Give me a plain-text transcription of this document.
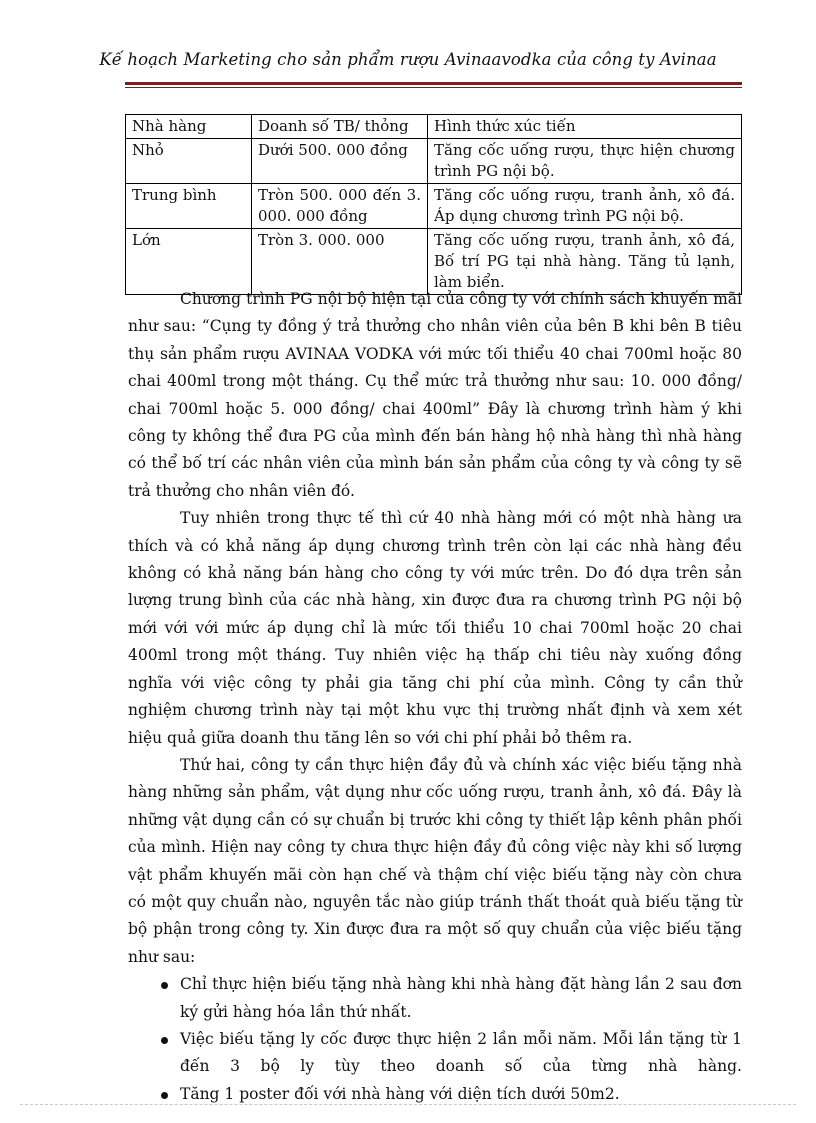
Kế hoạch Marketing cho sản phẩm rượu Avinaavodka của công ty Avinaa
Nhà hàng	Doanh số TB/ thỏng	Hình thức xúc tiến
Nhỏ	Dưới 500. 000 đồng	Tăng cốc uống rượu, thực hiện chương trình PG nội bộ.
Trung bình	Tròn 500. 000 đến 3. 000. 000 đồng	Tăng cốc uống rượu, tranh ảnh, xô đá. Áp dụng chương trình PG nội bộ.
Lớn	Tròn 3. 000. 000	Tăng cốc uống rượu, tranh ảnh, xô đá, Bố trí PG tại nhà hàng. Tăng tủ lạnh, làm biển.

Chương trình PG nội bộ hiện tại của công ty với chính sách khuyến mãi như sau: “Cụng ty đồng ý trả thưởng cho nhân viên của bên B khi bên B tiêu thụ sản phẩm rượu AVINAA VODKA với mức tối thiểu 40 chai 700ml hoặc 80 chai 400ml trong một tháng. Cụ thể mức trả thưởng như sau: 10. 000 đồng/ chai 700ml hoặc 5. 000 đồng/ chai 400ml” Đây là chương trình hàm ý khi công ty không thể đưa PG của mình đến bán hàng hộ nhà hàng thì nhà hàng có thể bố trí các nhân viên của mình bán sản phẩm của công ty và công ty sẽ trả thưởng cho nhân viên đó.

Tuy nhiên trong thực tế thì cứ 40 nhà hàng mới có một nhà hàng ưa thích và có khả năng áp dụng chương trình trên còn lại các nhà hàng đều không có khả năng bán hàng cho công ty với mức trên. Do đó dựa trên sản lượng trung bình của các nhà hàng, xin được đưa ra chương trình PG nội bộ mới với với mức áp dụng chỉ là mức tối thiểu 10 chai 700ml hoặc 20 chai 400ml trong một tháng. Tuy nhiên việc hạ thấp chi tiêu này xuống đồng nghĩa với việc công ty phải gia tăng chi phí của mình. Công ty cần thử nghiệm chương trình này tại một khu vực thị trường nhất định và xem xét hiệu quả giữa doanh thu tăng lên so với chi phí phải bỏ thêm ra.

Thứ hai, công ty cần thực hiện đầy đủ và chính xác việc biếu tặng nhà hàng những sản phẩm, vật dụng như cốc uống rượu, tranh ảnh, xô đá. Đây là những vật dụng cần có sự chuẩn bị trước khi công ty thiết lập kênh phân phối của mình. Hiện nay công ty chưa thực hiện đầy đủ công việc này khi số lượng vật phẩm khuyến mãi còn hạn chế và thậm chí việc biếu tặng này còn chưa có một quy chuẩn nào, nguyên tắc nào giúp tránh thất thoát quà biếu tặng từ bộ phận trong công ty. Xin được đưa ra một số quy chuẩn của việc biếu tặng như sau:

Chỉ thực hiện biếu tặng nhà hàng khi nhà hàng đặt hàng lần 2 sau đơn ký gửi hàng hóa lần thứ nhất.
Việc biếu tặng ly cốc được thực hiện 2 lần mỗi năm. Mỗi lần tặng từ 1 đến 3 bộ ly tùy theo doanh số của từng nhà hàng.
Tăng 1 poster đối với nhà hàng với diện tích dưới 50m2.
